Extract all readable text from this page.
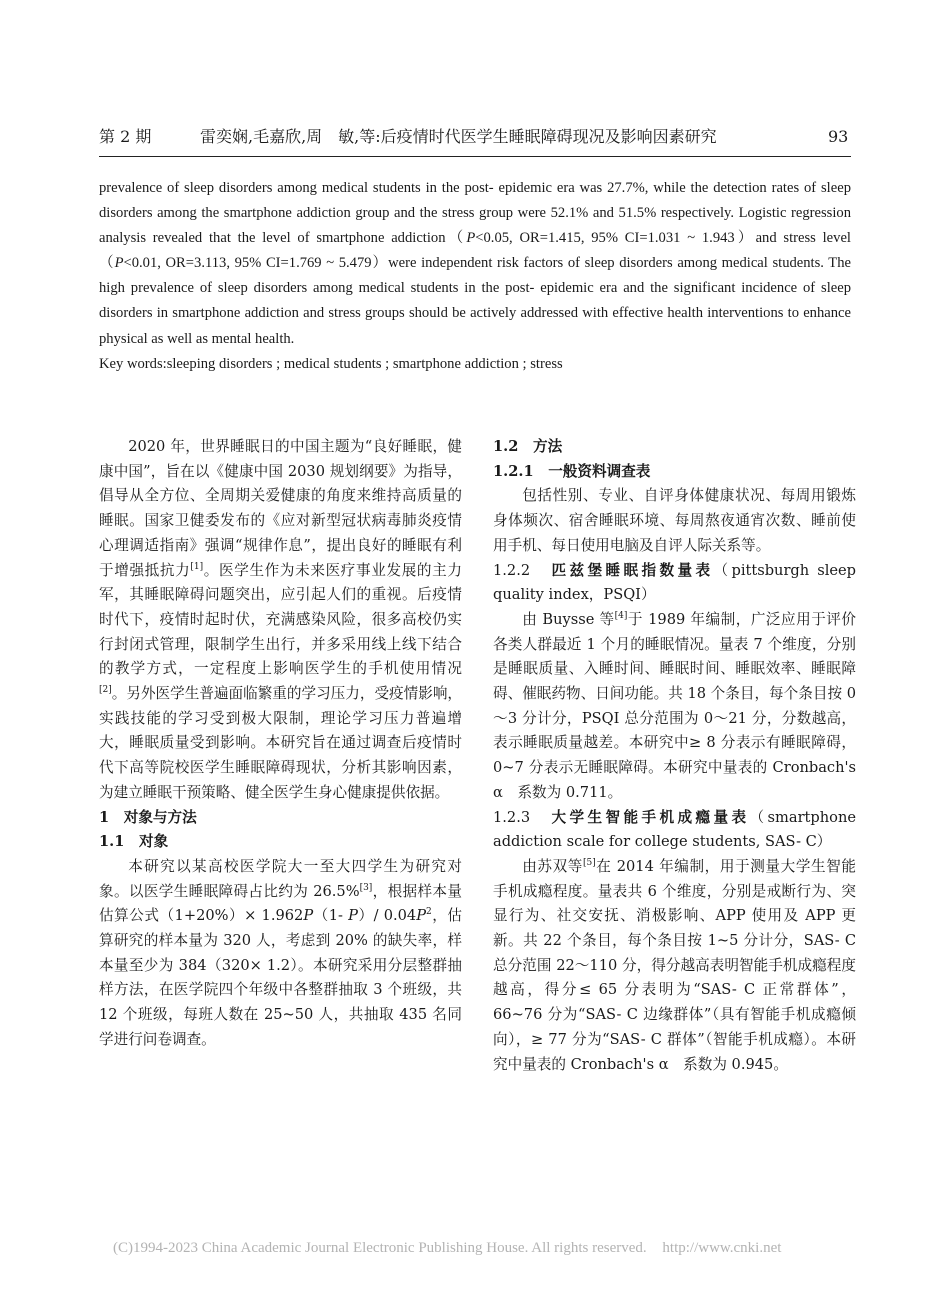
第 2 期	雷奕娴,毛嘉欣,周　敏,等:后疫情时代医学生睡眠障碍现况及影响因素研究	93

prevalence of sleep disorders among medical students in the post- epidemic era was 27.7%, while the detection rates of sleep disorders among the smartphone addiction group and the stress group were 52.1% and 51.5% respectively. Logistic regression analysis revealed that the level of smartphone addiction（P<0.05, OR=1.415, 95% CI=1.031 ~ 1.943）and stress level（P<0.01, OR=3.113, 95% CI=1.769 ~ 5.479）were independent risk factors of sleep disorders among medical students. The high prevalence of sleep disorders among medical students in the post- epidemic era and the significant incidence of sleep disorders in smartphone addiction and stress groups should be actively addressed with effective health interventions to enhance physical as well as mental health.

Key words:sleeping disorders ; medical students ; smartphone addiction ; stress

2020 年，世界睡眠日的中国主题为“良好睡眠，健康中国”，旨在以《健康中国 2030 规划纲要》为指导，倡导从全方位、全周期关爱健康的角度来维持高质量的睡眠。国家卫健委发布的《应对新型冠状病毒肺炎疫情心理调适指南》强调“规律作息”，提出良好的睡眠有利于增强抵抗力[1]。医学生作为未来医疗事业发展的主力军，其睡眠障碍问题突出，应引起人们的重视。后疫情时代下，疫情时起时伏，充满感染风险，很多高校仍实行封闭式管理，限制学生出行，并多采用线上线下结合的教学方式，一定程度上影响医学生的手机使用情况[2]。另外医学生普遍面临繁重的学习压力，受疫情影响，实践技能的学习受到极大限制，理论学习压力普遍增大，睡眠质量受到影响。本研究旨在通过调查后疫情时代下高等院校医学生睡眠障碍现状，分析其影响因素，为建立睡眠干预策略、健全医学生身心健康提供依据。

1　对象与方法

1.1　对象

本研究以某高校医学院大一至大四学生为研究对象。以医学生睡眠障碍占比约为 26.5%[3]，根据样本量估算公式（1+20%）× 1.962P（1- P）/ $0.04P^2$，估算研究的样本量为 320 人，考虑到 20% 的缺失率，样本量至少为 384（320× 1.2）。本研究采用分层整群抽样方法，在医学院四个年级中各整群抽取 3 个班级，共 12 个班级，每班人数在 25~50 人，共抽取 435 名同学进行问卷调查。

1.2　方法

1.2.1　一般资料调查表

包括性别、专业、自评身体健康状况、每周用锻炼身体频次、宿舍睡眠环境、每周熬夜通宵次数、睡前使用手机、每日使用电脑及自评人际关系等。

1.2.2　 匹兹堡睡眠指数量表（pittsburgh sleep quality index，PSQI）

由 Buysse 等[4]于 1989 年编制，广泛应用于评价各类人群最近 1 个月的睡眠情况。量表 7 个维度，分别是睡眠质量、入睡时间、睡眠时间、睡眠效率、睡眠障碍、催眠药物、日间功能。共 18 个条目，每个条目按 0～3 分计分，PSQI 总分范围为 0～21 分，分数越高，表示睡眠质量越差。本研究中≥ 8 分表示有睡眠障碍，0~7 分表示无睡眠障碍。本研究中量表的 Cronbach's α　系数为 0.711。

1.2.3　 大学生智能手机成瘾量表（smartphone addiction scale for college students, SAS- C）

由苏双等[5]在 2014 年编制，用于测量大学生智能手机成瘾程度。量表共 6 个维度，分别是戒断行为、突显行为、社交安抚、消极影响、APP 使用及 APP 更新。共 22 个条目，每个条目按 1~5 分计分，SAS- C 总分范围 22～110 分，得分越高表明智能手机成瘾程度越高，得分≤ 65 分表明为“SAS- C 正常群体”，66~76 分为“SAS- C 边缘群体”（具有智能手机成瘾倾向），≥ 77 分为“SAS- C 群体”（智能手机成瘾）。本研究中量表的 Cronbach's α　系数为 0.945。

(C)1994-2023 China Academic Journal Electronic Publishing House. All rights reserved. http://www.cnki.net
